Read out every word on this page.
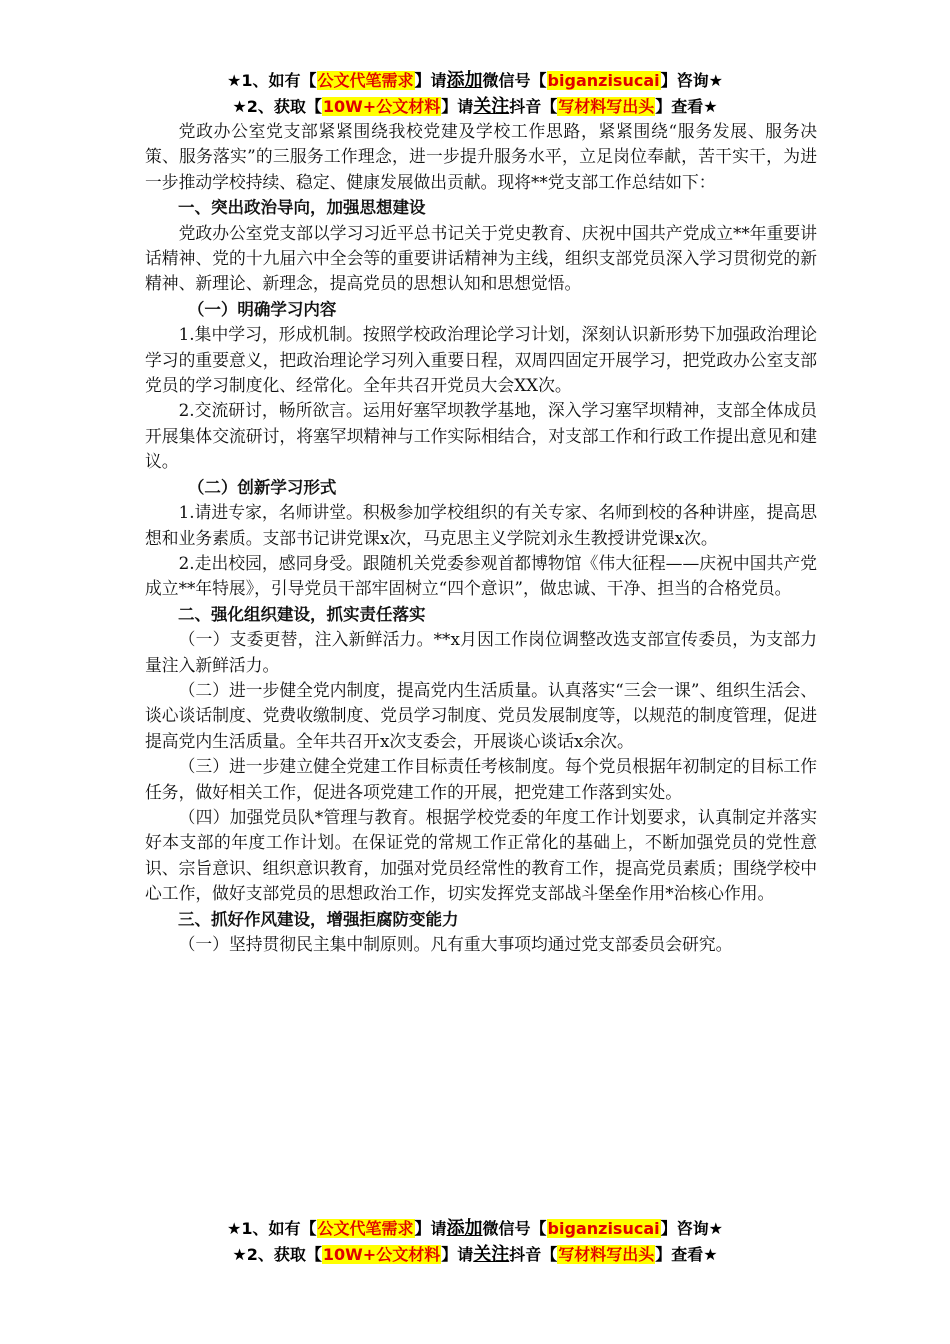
★1、如有【公文代笔需求】请添加微信号【biganzisucai】咨询★
★2、获取【10W+公文材料】请关注抖音【写材料写出头】查看★

党政办公室党支部紧紧围绕我校党建及学校工作思路，紧紧围绕“服务发展、服务决策、服务落实”的三服务工作理念，进一步提升服务水平，立足岗位奉献，苦干实干，为进一步推动学校持续、稳定、健康发展做出贡献。现将**党支部工作总结如下：

一、突出政治导向，加强思想建设

党政办公室党支部以学习习近平总书记关于党史教育、庆祝中国共产党成立**年重要讲话精神、党的十九届六中全会等的重要讲话精神为主线，组织支部党员深入学习贯彻党的新精神、新理论、新理念，提高党员的思想认知和思想觉悟。

（一）明确学习内容

1.集中学习，形成机制。按照学校政治理论学习计划，深刻认识新形势下加强政治理论学习的重要意义，把政治理论学习列入重要日程，双周四固定开展学习，把党政办公室支部党员的学习制度化、经常化。全年共召开党员大会XX次。

2.交流研讨，畅所欲言。运用好塞罕坝教学基地，深入学习塞罕坝精神，支部全体成员开展集体交流研讨，将塞罕坝精神与工作实际相结合，对支部工作和行政工作提出意见和建议。

（二）创新学习形式

1.请进专家，名师讲堂。积极参加学校组织的有关专家、名师到校的各种讲座，提高思想和业务素质。支部书记讲党课x次，马克思主义学院刘永生教授讲党课x次。

2.走出校园，感同身受。跟随机关党委参观首都博物馆《伟大征程——庆祝中国共产党成立**年特展》，引导党员干部牢固树立“四个意识”，做忠诚、干净、担当的合格党员。

二、强化组织建设，抓实责任落实

（一）支委更替，注入新鲜活力。**x月因工作岗位调整改选支部宣传委员，为支部力量注入新鲜活力。

（二）进一步健全党内制度，提高党内生活质量。认真落实“三会一课”、组织生活会、谈心谈话制度、党费收缴制度、党员学习制度、党员发展制度等，以规范的制度管理，促进提高党内生活质量。全年共召开x次支委会，开展谈心谈话x余次。

（三）进一步建立健全党建工作目标责任考核制度。每个党员根据年初制定的目标工作任务，做好相关工作，促进各项党建工作的开展，把党建工作落到实处。

（四）加强党员队*管理与教育。根据学校党委的年度工作计划要求，认真制定并落实好本支部的年度工作计划。在保证党的常规工作正常化的基础上，不断加强党员的党性意识、宗旨意识、组织意识教育，加强对党员经常性的教育工作，提高党员素质；围绕学校中心工作，做好支部党员的思想政治工作，切实发挥党支部战斗堡垒作用*治核心作用。

三、抓好作风建设，增强拒腐防变能力

（一）坚持贯彻民主集中制原则。凡有重大事项均通过党支部委员会研究。

★1、如有【公文代笔需求】请添加微信号【biganzisucai】咨询★
★2、获取【10W+公文材料】请关注抖音【写材料写出头】查看★
